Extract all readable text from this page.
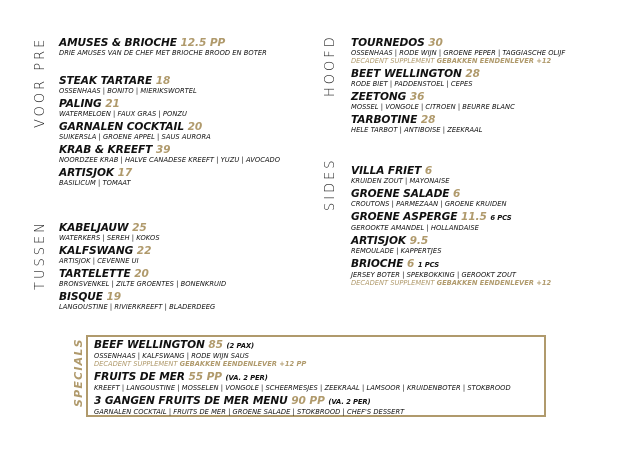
VOOR PRE
TUSSEN
HOOFD
SIDES
AMUSES & BRIOCHE 12.5 PP
DRIE AMUSES VAN DE CHEF MET BRIOCHE BROOD EN BOTER
STEAK TARTARE 18
OSSENHAAS | BONITO | MIERIKSWORTEL
PALING 21
WATERMELOEN | FAUX GRAS | PONZU
GARNALEN COCKTAIL 20
SUIKERSLA | GROENE APPEL | SAUS AURORA
KRAB & KREEFT 39
NOORDZEE KRAB | HALVE CANADESE KREEFT | YUZU | AVOCADO
ARTISJOK 17
BASILICUM | TOMAAT
KABELJAUW 25
WATERKERS | SEREH | KOKOS
KALFSWANG 22
ARTISJOK | CEVENNE UI
TARTELETTE 20
BRONSVENKEL | ZILTE GROENTES | BONENKRUID
BISQUE 19
LANGOUSTINE | RIVIERKREEFT | BLADERDEEG
TOURNEDOS 30
OSSENHAAS | RODE WIJN | GROENE PEPER | TAGGIASCHE OLIJF
DECADENT SUPPLEMENT GEBAKKEN EENDENLEVER +12
BEET WELLINGTON 28
RODE BIET | PADDENSTOEL | CEPES
ZEETONG 36
MOSSEL | VONGOLE | CITROEN | BEURRE BLANC
TARBOTINE 28
HELE TARBOT | ANTIBOISE | ZEEKRAAL
VILLA FRIET 6
KRUIDEN ZOUT | MAYONAISE
GROENE SALADE 6
CROUTONS | PARMEZAAN | GROENE KRUIDEN
GROENE ASPERGE 11.5 6 PCS
GEROOKTE AMANDEL | HOLLANDAISE
ARTISJOK 9.5
REMOULADE | KAPPERTJES
BRIOCHE 6 1 PCS
JERSEY BOTER | SPEKBOKKING | GEROOKT ZOUT
DECADENT SUPPLEMENT GEBAKKEN EENDENLEVER +12
SPECIALS BEEF WELLINGTON 85 (2 PAX)
OSSENHAAS | KALFSWANG | RODE WIJN SAUS
DECADENT SUPPLEMENT GEBAKKEN EENDENLEVER +12 PP
FRUITS DE MER 55 PP (VA. 2 PER)
KREEFT | LANGOUSTINE | MOSSELEN | VONGOLE | SCHEERMESJES | ZEEKRAAL | LAMSOOR | KRUIDENBOTER | STOKBROOD
3 GANGEN FRUITS DE MER MENU 90 PP (VA. 2 PER)
GARNALEN COCKTAIL | FRUITS DE MER | GROENE SALADE | STOKBROOD | CHEF'S DESSERT
